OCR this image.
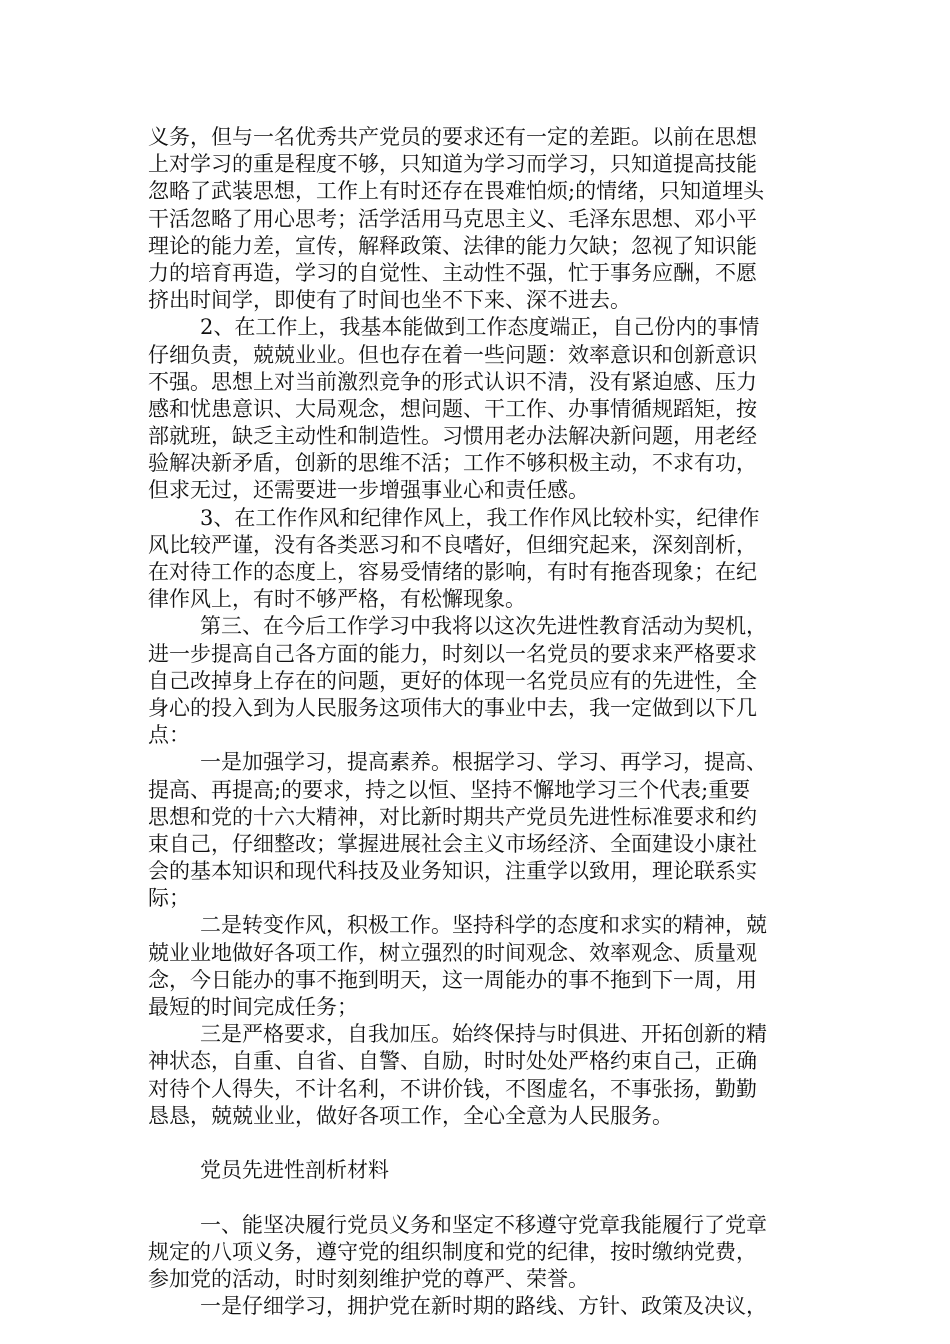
义务，但与一名优秀共产党员的要求还有一定的差距。以前在思想
上对学习的重是程度不够，只知道为学习而学习，只知道提高技能
忽略了武装思想，工作上有时还存在畏难怕烦;的情绪，只知道埋头
干活忽略了用心思考；活学活用马克思主义、毛泽东思想、邓小平
理论的能力差，宣传，解释政策、法律的能力欠缺；忽视了知识能
力的培育再造，学习的自觉性、主动性不强，忙于事务应酬，不愿
挤出时间学，即使有了时间也坐不下来、深不进去。
2、在工作上，我基本能做到工作态度端正，自己份内的事情
仔细负责，兢兢业业。但也存在着一些问题：效率意识和创新意识
不强。思想上对当前激烈竞争的形式认识不清，没有紧迫感、压力
感和忧患意识、大局观念，想问题、干工作、办事情循规蹈矩，按
部就班，缺乏主动性和制造性。习惯用老办法解决新问题，用老经
验解决新矛盾，创新的思维不活；工作不够积极主动，不求有功，
但求无过，还需要进一步增强事业心和责任感。
3、在工作作风和纪律作风上，我工作作风比较朴实，纪律作
风比较严谨，没有各类恶习和不良嗜好，但细究起来，深刻剖析，
在对待工作的态度上，容易受情绪的影响，有时有拖沓现象；在纪
律作风上，有时不够严格，有松懈现象。
第三、在今后工作学习中我将以这次先进性教育活动为契机，
进一步提高自己各方面的能力，时刻以一名党员的要求来严格要求
自己改掉身上存在的问题，更好的体现一名党员应有的先进性，全
身心的投入到为人民服务这项伟大的事业中去，我一定做到以下几
点：
一是加强学习，提高素养。根据学习、学习、再学习，提高、
提高、再提高;的要求，持之以恒、坚持不懈地学习三个代表;重要
思想和党的十六大精神，对比新时期共产党员先进性标准要求和约
束自己，仔细整改；掌握进展社会主义市场经济、全面建设小康社
会的基本知识和现代科技及业务知识，注重学以致用，理论联系实
际；
二是转变作风，积极工作。坚持科学的态度和求实的精神，兢
兢业业地做好各项工作，树立强烈的时间观念、效率观念、质量观
念，今日能办的事不拖到明天，这一周能办的事不拖到下一周，用
最短的时间完成任务；
三是严格要求，自我加压。始终保持与时俱进、开拓创新的精
神状态，自重、自省、自警、自励，时时处处严格约束自己，正确
对待个人得失，不计名利，不讲价钱，不图虚名，不事张扬，勤勤
恳恳，兢兢业业，做好各项工作，全心全意为人民服务。
党员先进性剖析材料
一、能坚决履行党员义务和坚定不移遵守党章我能履行了党章
规定的八项义务，遵守党的组织制度和党的纪律，按时缴纳党费，
参加党的活动，时时刻刻维护党的尊严、荣誉。
一是仔细学习，拥护党在新时期的路线、方针、政策及决议，
